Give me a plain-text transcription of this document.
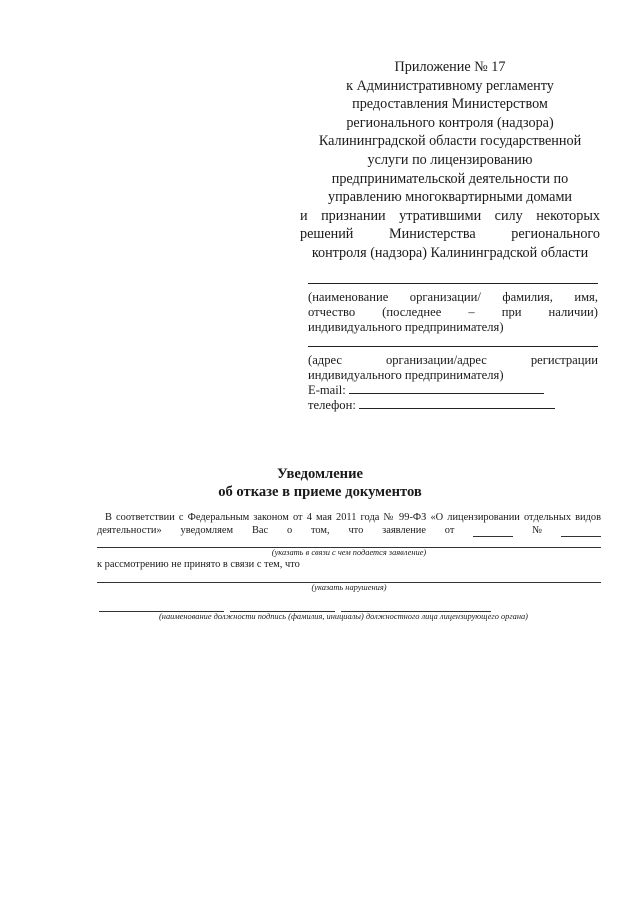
Приложение № 17
к Административному регламенту
предоставления Министерством
регионального контроля (надзора)
Калининградской области государственной
услуги по лицензированию
предпринимательской деятельности по
управлению многоквартирными домами
и признании утратившими силу некоторых
решений Министерства регионального
контроля (надзора) Калининградской области
(наименование организации/ фамилия, имя,
отчество (последнее – при наличии)
индивидуального предпринимателя)
(адрес организации/адрес регистрации
индивидуального предпринимателя)
E-mail:
телефон:
Уведомление
об отказе в приеме документов
В соответствии с Федеральным законом от 4 мая 2011 года № 99-ФЗ «О лицензировании отдельных видов
деятельности» уведомляем Вас о том, что заявление от	№
(указать в связи с чем подается заявление)
к рассмотрению не принято в связи с тем, что
(указать нарушения)
(наименование должности подпись (фамилия, инициалы) должностного лица лицензирующего органа)
